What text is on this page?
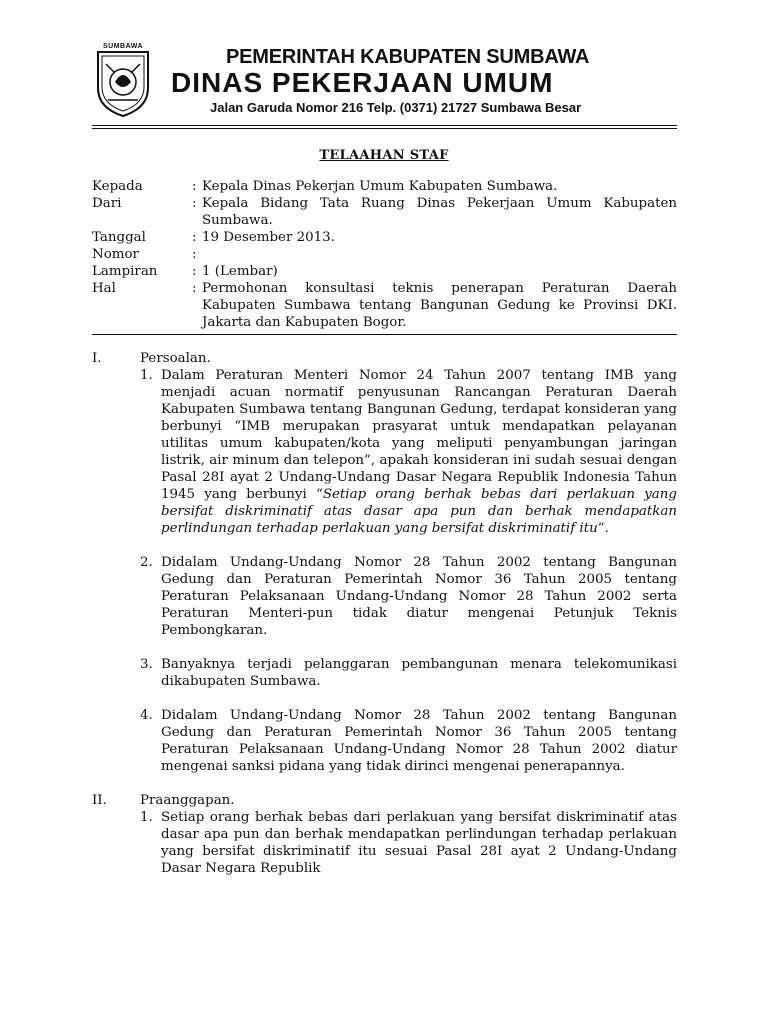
SUMBAWA	PEMERINTAH KABUPATEN SUMBAWA
DINAS PEKERJAAN UMUM
Jalan Garuda Nomor 216 Telp. (0371) 21727 Sumbawa Besar
TELAAHAN STAF
Kepada	: Kepala Dinas Pekerjan Umum Kabupaten Sumbawa.
Dari	: Kepala Bidang Tata Ruang Dinas Pekerjaan Umum Kabupaten Sumbawa.
Tanggal	: 19 Desember 2013.
Nomor	:

Lampiran	: 1 (Lembar)
Hal	: Permohonan konsultasi teknis penerapan Peraturan Daerah Kabupaten Sumbawa tentang Bangunan Gedung ke Provinsi DKI. Jakarta dan Kabupaten Bogor.
I.	Persoalan.
1. Dalam Peraturan Menteri Nomor 24 Tahun 2007 tentang IMB yang menjadi acuan normatif penyusunan Rancangan Peraturan Daerah Kabupaten Sumbawa tentang Bangunan Gedung, terdapat konsideran yang berbunyi “IMB merupakan prasyarat untuk mendapatkan pelayanan utilitas umum kabupaten/kota yang meliputi penyambungan jaringan listrik, air minum dan telepon”, apakah konsideran ini sudah sesuai dengan Pasal 28I ayat 2 Undang-Undang Dasar Negara Republik Indonesia Tahun 1945 yang berbunyi “Setiap orang berhak bebas dari perlakuan yang bersifat diskriminatif atas dasar apa pun dan berhak mendapatkan perlindungan terhadap perlakuan yang bersifat diskriminatif itu”.
2. Didalam Undang-Undang Nomor 28 Tahun 2002 tentang Bangunan Gedung dan Peraturan Pemerintah Nomor 36 Tahun 2005 tentang Peraturan Pelaksanaan Undang-Undang Nomor 28 Tahun 2002 serta Peraturan Menteri-pun tidak diatur mengenai Petunjuk Teknis Pembongkaran.
3. Banyaknya terjadi pelanggaran pembangunan menara telekomunikasi dikabupaten Sumbawa.
4. Didalam Undang-Undang Nomor 28 Tahun 2002 tentang Bangunan Gedung dan Peraturan Pemerintah Nomor 36 Tahun 2005 tentang Peraturan Pelaksanaan Undang-Undang Nomor 28 Tahun 2002 diatur mengenai sanksi pidana yang tidak dirinci mengenai penerapannya.
II.	Praanggapan.
1. Setiap orang berhak bebas dari perlakuan yang bersifat diskriminatif atas dasar apa pun dan berhak mendapatkan perlindungan terhadap perlakuan yang bersifat diskriminatif itu sesuai Pasal 28I ayat 2 Undang-Undang Dasar Negara Republik
